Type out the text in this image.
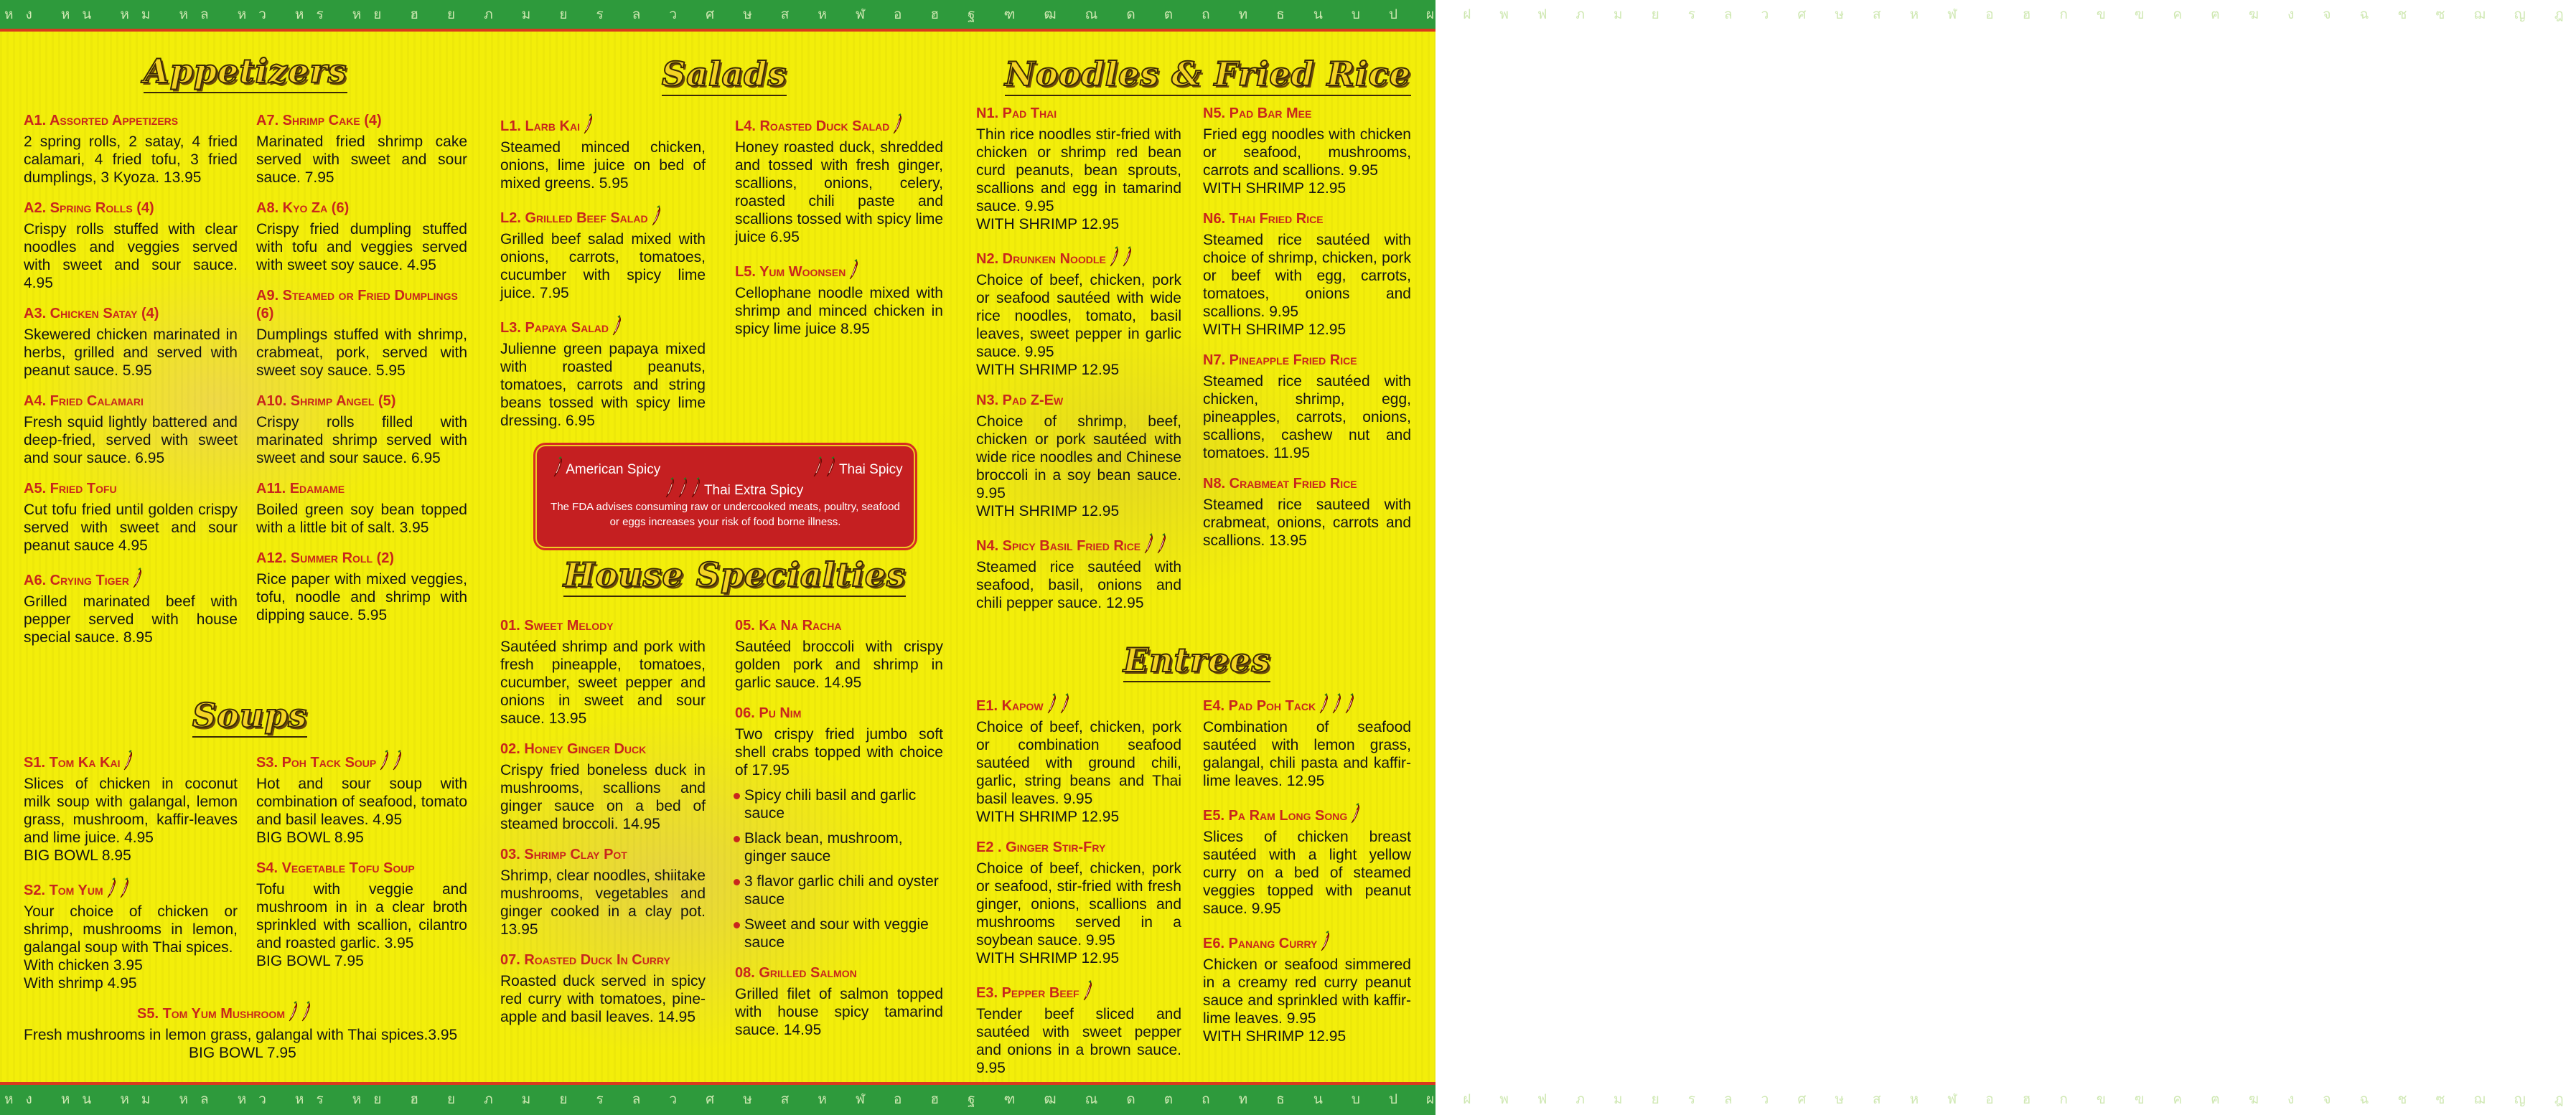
หง หน หม หล หว หร หย ฮ ย ภ ม ย ร ล ว ศ ษ ส ห ฬ อ ฮ ฐ ฑ ฒ ณ ด ต ถ ท ธ น บ ป ผ ฝ พ ฟ ภ ม ย ร ล ว ศ ษ ส ห ฬ อ ฮ ก ข ฃ ค ฅ ฆ ง จ ฉ ช ซ ฌ ญ ฎ
หง หน หม หล หว หร หย ฮ ย ภ ม ย ร ล ว ศ ษ ส ห ฬ อ ฮ ฐ ฑ ฒ ณ ด ต ถ ท ธ น บ ป ผ ฝ พ ฟ ภ ม ย ร ล ว ศ ษ ส ห ฬ อ ฮ ก ข ฃ ค ฅ ฆ ง จ ฉ ช ซ ฌ ญ ฎ
Appetizers
Soups
Salads
House Specialties
Noodles & Fried Rice
Entrees
A1. Assorted Appetizers
2 spring rolls, 2 satay, 4 fried calamari, 4 fried tofu, 3 fried dumplings, 3 Kyoza. 13.95
A2. Spring Rolls (4)
Crispy rolls stuffed with clear noodles and veggies served with sweet and sour sauce. 4.95
A3. Chicken Satay (4)
Skewered chicken marinated in herbs, grilled and served with peanut sauce. 5.95
A4. Fried Calamari
Fresh squid lightly battered and deep-fried, served with sweet and sour sauce. 6.95
A5. Fried Tofu
Cut tofu fried until golden crispy served with sweet and sour peanut sauce 4.95
A6. Crying Tiger
Grilled marinated beef with pepper served with house special sauce. 8.95
A7. Shrimp Cake (4)
Marinated fried shrimp cake served with sweet and sour sauce. 7.95
A8. Kyo Za (6)
Crispy fried dumpling stuffed with tofu and veggies served with sweet soy sauce. 4.95
A9. Steamed or Fried Dumplings (6)
Dumplings stuffed with shrimp, crabmeat, pork, served with sweet soy sauce. 5.95
A10. Shrimp Angel (5)
Crispy rolls filled with marinated shrimp served with sweet and sour sauce. 6.95
A11. Edamame
Boiled green soy bean topped with a little bit of salt. 3.95
A12. Summer Roll (2)
Rice paper with mixed veggies, tofu, noodle and shrimp with dipping sauce. 5.95
S1. Tom Ka Kai
Slices of chicken in coconut milk soup with galangal, lemon grass, mushroom, kaffir-leaves and lime juice. 4.95
BIG BOWL 8.95
S2. Tom Yum
Your choice of chicken or shrimp, mushrooms in lemon, galangal soup with Thai spices.
With chicken 3.95
With shrimp 4.95
S3. Poh Tack Soup
Hot and sour soup with combination of seafood, tomato and basil leaves. 4.95
BIG BOWL 8.95
S4. Vegetable Tofu Soup
Tofu with veggie and mushroom in in a clear broth sprinkled with scallion, cilantro and roasted garlic. 3.95
BIG BOWL 7.95
S5. Tom Yum Mushroom
Fresh mushrooms in lemon grass, galangal with Thai spices.3.95
BIG BOWL 7.95
L1. Larb Kai
Steamed minced chicken, onions, lime juice on bed of mixed greens. 5.95
L2. Grilled Beef Salad
Grilled beef salad mixed with onions, carrots, tomatoes, cucumber with spicy lime juice. 7.95
L3. Papaya Salad
Julienne green papaya mixed with roasted peanuts, tomatoes, carrots and string beans tossed with spicy lime dressing. 6.95
L4. Roasted Duck Salad
Honey roasted duck, shredded and tossed with fresh ginger, scallions, onions, celery, roasted chili paste and scallions tossed with spicy lime juice 6.95
L5. Yum Woonsen
Cellophane noodle mixed with shrimp and minced chicken in spicy lime juice 8.95
American Spicy	Thai Spicy
Thai Extra Spicy
The FDA advises consuming raw or undercooked meats, poultry, seafood or eggs increases your risk of food borne illness.
01. Sweet Melody
Sautéed shrimp and pork with fresh pineapple, tomatoes, cucumber, sweet pepper and onions in sweet and sour sauce. 13.95
02. Honey Ginger Duck
Crispy fried boneless duck in mushrooms, scallions and ginger sauce on a bed of steamed broccoli. 14.95
03. Shrimp Clay Pot
Shrimp, clear noodles, shiitake mushrooms, vegetables and ginger cooked in a clay pot. 13.95
07. Roasted Duck In Curry
Roasted duck served in spicy red curry with tomatoes, pine-apple and basil leaves. 14.95
05. Ka Na Racha
Sautéed broccoli with crispy golden pork and shrimp in garlic sauce. 14.95
06. Pu Nim
Two crispy fried jumbo soft shell crabs topped with choice of 17.95
Spicy chili basil and garlic sauce
Black bean, mushroom, ginger sauce
3 flavor garlic chili and oyster sauce
Sweet and sour with veggie sauce
08. Grilled Salmon
Grilled filet of salmon topped with house spicy tamarind sauce. 14.95
N1. Pad Thai
Thin rice noodles stir-fried with chicken or shrimp red bean curd peanuts, bean sprouts, scallions and egg in tamarind sauce. 9.95
WITH SHRIMP 12.95
N2. Drunken Noodle
Choice of beef, chicken, pork or seafood sautéed with wide rice noodles, tomato, basil leaves, sweet pepper in garlic sauce. 9.95
WITH SHRIMP 12.95
N3. Pad Z-Ew
Choice of shrimp, beef, chicken or pork sautéed with wide rice noodles and Chinese broccoli in a soy bean sauce. 9.95
WITH SHRIMP 12.95
N4. Spicy Basil Fried Rice
Steamed rice sautéed with seafood, basil, onions and chili pepper sauce. 12.95
N5. Pad Bar Mee
Fried egg noodles with chicken or seafood, mushrooms, carrots and scallions. 9.95
WITH SHRIMP 12.95
N6. Thai Fried Rice
Steamed rice sautéed with choice of shrimp, chicken, pork or beef with egg, carrots, tomatoes, onions and scallions. 9.95
WITH SHRIMP 12.95
N7. Pineapple Fried Rice
Steamed rice sautéed with chicken, shrimp, egg, pineapples, carrots, onions, scallions, cashew nut and tomatoes. 11.95
N8. Crabmeat Fried Rice
Steamed rice sauteed with crabmeat, onions, carrots and scallions. 13.95
E1. Kapow
Choice of beef, chicken, pork or combination seafood sautéed with ground chili, garlic, string beans and Thai basil leaves. 9.95
WITH SHRIMP 12.95
E2 . Ginger Stir-Fry
Choice of beef, chicken, pork or seafood, stir-fried with fresh ginger, onions, scallions and mushrooms served in a soybean sauce. 9.95
WITH SHRIMP 12.95
E3. Pepper Beef
Tender beef sliced and sautéed with sweet pepper and onions in a brown sauce. 9.95
E4. Pad Poh Tack
Combination of seafood sautéed with lemon grass, galangal, chili pasta and kaffir-lime leaves. 12.95
E5. Pa Ram Long Song
Slices of chicken breast sautéed with a light yellow curry on a bed of steamed veggies topped with peanut sauce. 9.95
E6. Panang Curry
Chicken or seafood simmered in a creamy red curry peanut sauce and sprinkled with kaffir-lime leaves. 9.95
WITH SHRIMP 12.95
